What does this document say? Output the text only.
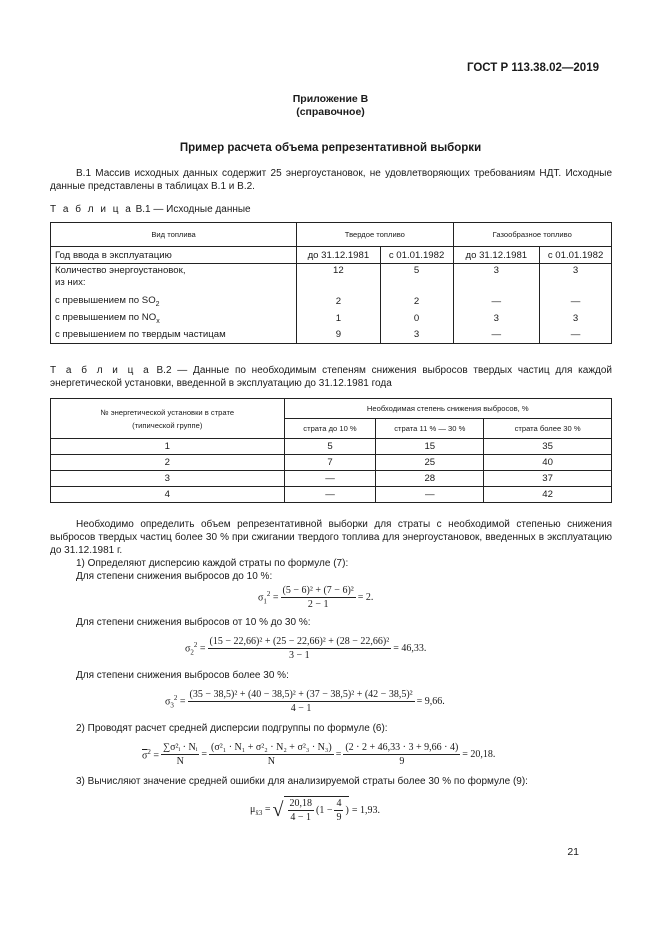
ГОСТ Р 113.38.02—2019
Приложение В
(справочное)
Пример расчета объема репрезентативной выборки
В.1 Массив исходных данных содержит 25 энергоустановок, не удовлетворяющих требованиям НДТ. Исходные данные представлены в таблицах В.1 и В.2.
Т а б л и ц а В.1 — Исходные данные
Вид топлива	Твердое топливо		Газообразное топливо	
Год ввода в эксплуатацию	до 31.12.1981	с 01.01.1982	до 31.12.1981	с 01.01.1982

Количество энергоустановок,
из них:	12	5	3	3
с превышением по $SO_2$	2	2	—	—
с превышением по $NO_x$	1	0	3	3
с превышением по твердым частицам	9	3	—	—
Т а б л и ц а В.2 — Данные по необходимым степеням снижения выбросов твердых частиц для каждой энергетической установки, введенной в эксплуатацию до 31.12.1981 года
№ энергетической установки в страте
(типической группе)	Необходимая степень снижения выбросов, %		
	страта до 10 %	страта 11 % — 30 %	страта более 30 %
1	5	15	35
2	7	25	40
3	—	28	37
4	—	—	42
Необходимо определить объем репрезентативной выборки для страты с необходимой степенью снижения выбросов твердых частиц более 30 % при сжигании твердого топлива для энергоустановок, введенных в эксплуатацию до 31.12.1981 г.
1) Определяют дисперсию каждой страты по формуле (7):
Для степени снижения выбросов до 10 %:
$\sigma_1^2 = \frac{\text{(5 − 6)² + (7 − 6)²}}{2 - 1} = 2$.
Для степени снижения выбросов от 10 % до 30 %:
$\sigma_2^2 = \frac{\text{(15 − 22,66)² + (25 − 22,66)² + (28 − 22,66)²}}{3 - 1} = 46,33$.
Для степени снижения выбросов более 30 %:
$\sigma_3^2 = \frac{\text{(35 − 38,5)² + (40 − 38,5)² + (37 − 38,5)² + (42 − 38,5)²}}{4 - 1} = 9,66$.
2) Проводят расчет средней дисперсии подгруппы по формуле (6):
$\overline{\sigma}^2 = \frac{\text{∑σ²ᵢ · Nᵢ}}{N} = \frac{\text{(σ²₁ · N₁ + σ²₂ · N₂ + σ²₃ · N₃)}}{N} = \frac{(2 \cdot 2 + 46,33 \cdot 3 + 9,66 \cdot 4)}{9} = 20,18$.
3) Вычисляют значение средней ошибки для анализируемой страты более 30 % по формуле (9):
$\mu_{x̄3}$ = √ $\frac{20,18}{4 - 1} (1 - \frac{4}{9}$ ) = 1,93.
21
